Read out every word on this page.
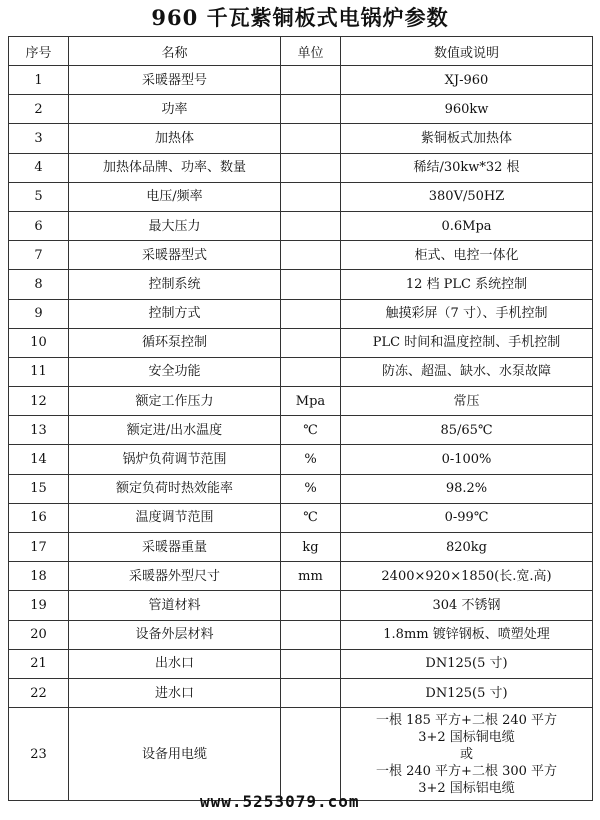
960 千瓦紫铜板式电锅炉参数
序号	名称	单位	数值或说明
1	采暖器型号		XJ-960
2	功率		960kw
3	加热体		紫铜板式加热体
4	加热体品牌、功率、数量		稀结/30kw*32 根
5	电压/频率		380V/50HZ
6	最大压力		0.6Mpa
7	采暖器型式		柜式、电控一体化
8	控制系统		12 档 PLC 系统控制
9	控制方式		触摸彩屏（7 寸）、手机控制
10	循环泵控制		PLC 时间和温度控制、手机控制
11	安全功能		防冻、超温、缺水、水泵故障
12	额定工作压力	Mpa	常压
13	额定进/出水温度	℃	85/65℃
14	锅炉负荷调节范围	%	0-100%
15	额定负荷时热效能率	%	98.2%
16	温度调节范围	℃	0-99℃
17	采暖器重量	kg	820kg
18	采暖器外型尺寸	mm	2400×920×1850(长.宽.高)
19	管道材料		304 不锈钢
20	设备外层材料		1.8mm 镀锌钢板、喷塑处理
21	出水口		DN125(5 寸)
22	进水口		DN125(5 寸)
23	设备用电缆		一根 185 平方+二根 240 平方
3+2 国标铜电缆
或
一根 240 平方+二根 300 平方
3+2 国标铝电缆
www.5253079.com
